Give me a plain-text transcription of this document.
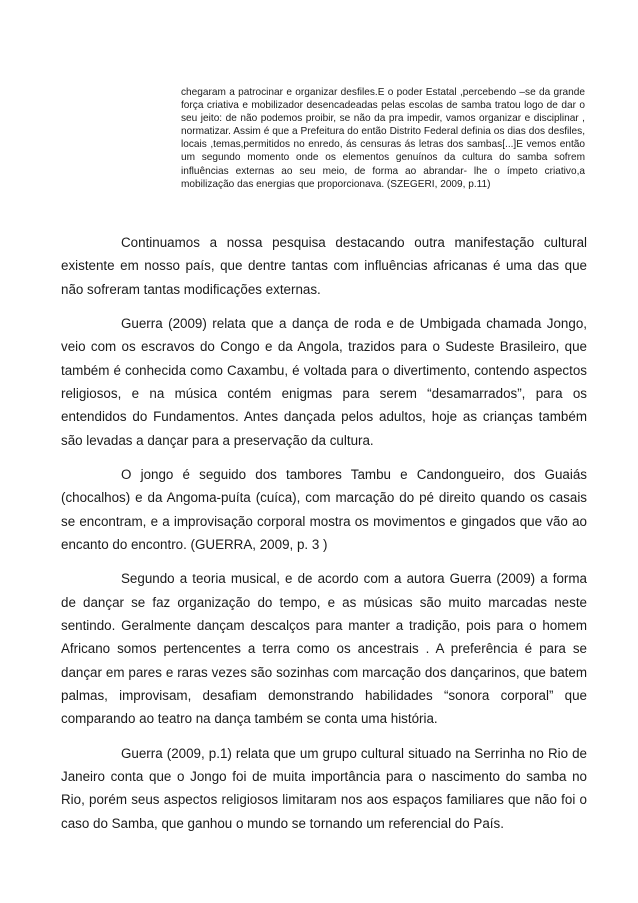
chegaram a patrocinar e organizar desfiles.E o poder Estatal ,percebendo –se da grande força criativa e mobilizador desencadeadas pelas escolas de samba tratou logo de dar o seu jeito: de não podemos proibir, se não da pra impedir, vamos organizar e disciplinar , normatizar. Assim é que a Prefeitura do então Distrito Federal definia os dias dos desfiles, locais ,temas,permitidos no enredo, ás censuras ás letras dos sambas[...]E vemos então um segundo momento onde os elementos genuínos da cultura do samba sofrem influências externas ao seu meio, de forma ao abrandar- lhe o ímpeto criativo,a mobilização das energias que proporcionava. (SZEGERI, 2009, p.11)

Continuamos a nossa pesquisa destacando outra manifestação cultural existente em nosso país, que dentre tantas com influências africanas é uma das que não sofreram tantas modificações externas.

Guerra (2009) relata que a dança de roda e de Umbigada chamada Jongo, veio com os escravos do Congo e da Angola, trazidos para o Sudeste Brasileiro, que também é conhecida como Caxambu, é voltada para o divertimento, contendo aspectos religiosos, e na música contém enigmas para serem “desamarrados”, para os entendidos do Fundamentos. Antes dançada pelos adultos, hoje as crianças também são levadas a dançar para a preservação da cultura.

O jongo é seguido dos tambores Tambu e Candongueiro, dos Guaiás (chocalhos) e da Angoma-puíta (cuíca), com marcação do pé direito quando os casais se encontram, e a improvisação corporal mostra os movimentos e gingados que vão ao encanto do encontro. (GUERRA, 2009, p. 3 )

Segundo a teoria musical, e de acordo com a autora Guerra (2009) a forma de dançar se faz organização do tempo, e as músicas são muito marcadas neste sentindo. Geralmente dançam descalços para manter a tradição, pois para o homem Africano somos pertencentes a terra como os ancestrais . A preferência é para se dançar em pares e raras vezes são sozinhas com marcação dos dançarinos, que batem palmas, improvisam, desafiam demonstrando habilidades “sonora corporal” que comparando ao teatro na dança também se conta uma história.

Guerra (2009, p.1) relata que um grupo cultural situado na Serrinha no Rio de Janeiro conta que o Jongo foi de muita importância para o nascimento do samba no Rio, porém seus aspectos religiosos limitaram nos aos espaços familiares que não foi o caso do Samba, que ganhou o mundo se tornando um referencial do País.
